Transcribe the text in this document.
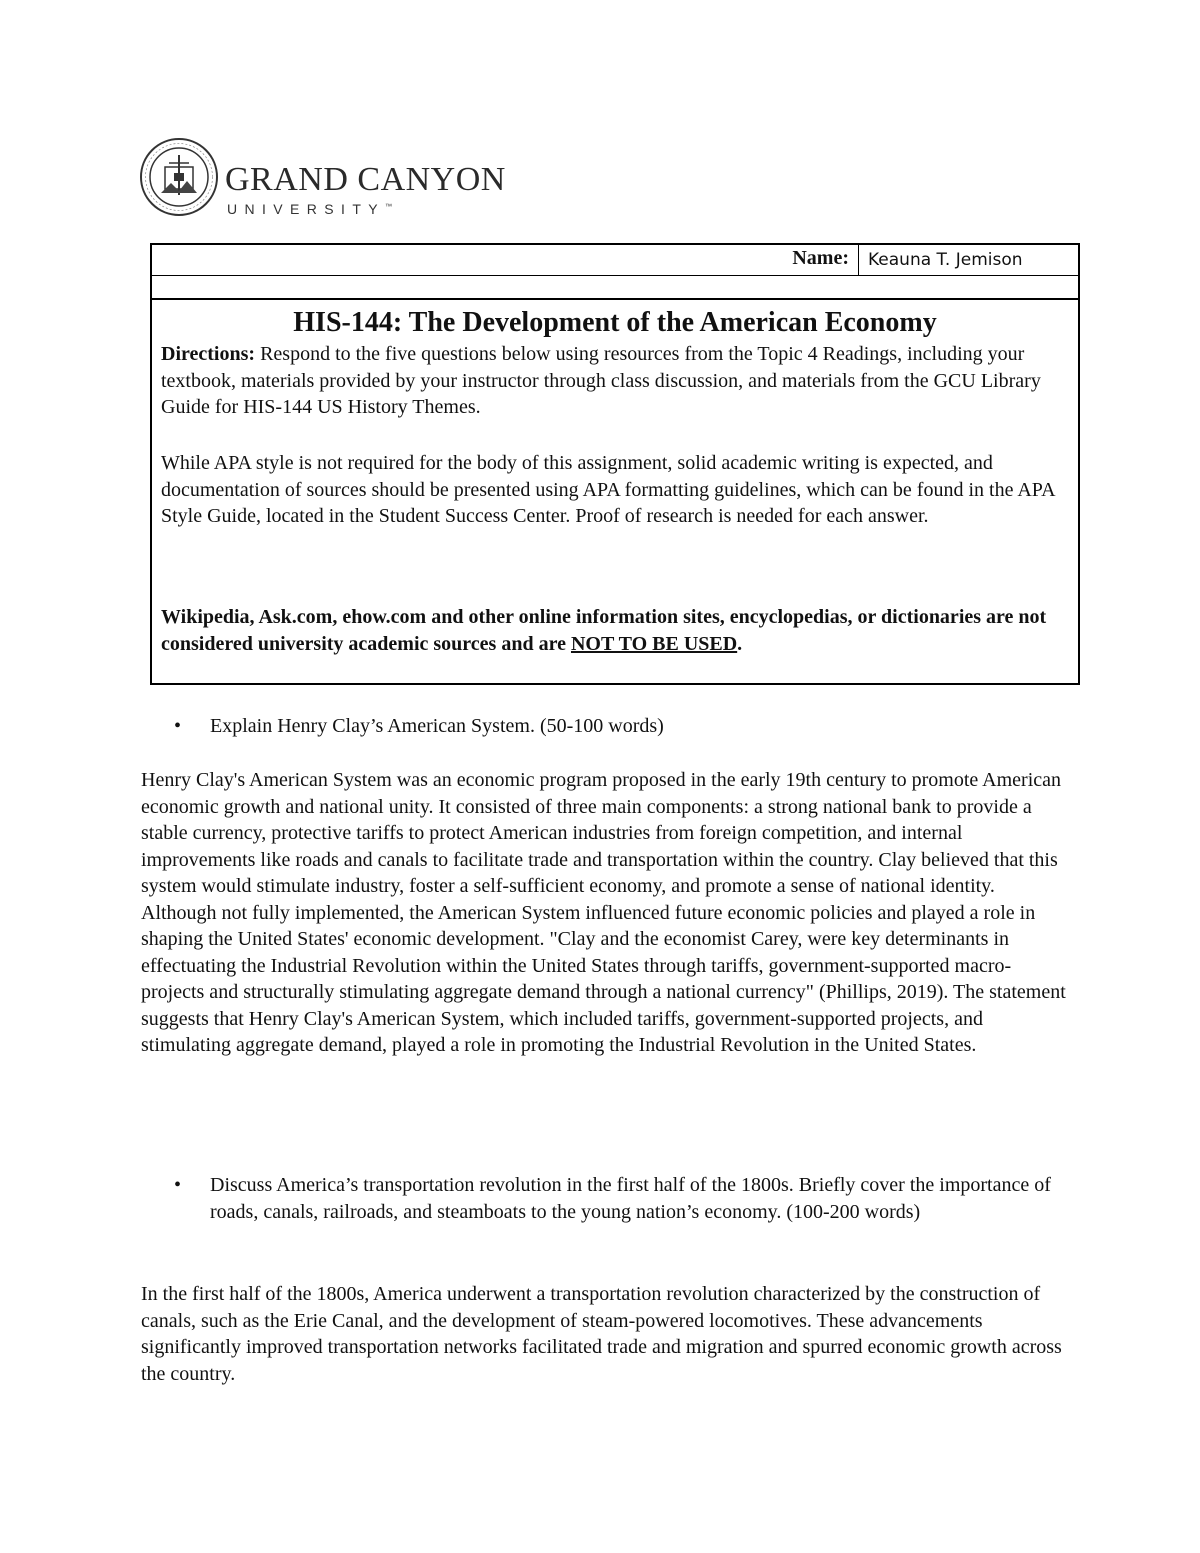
GRAND CANYON
UNIVERSITY™
Name: Keauna T. Jemison
HIS-144: The Development of the American Economy
Directions: Respond to the five questions below using resources from the Topic 4 Readings, including your textbook, materials provided by your instructor through class discussion, and materials from the GCU Library Guide for HIS-144 US History Themes.
While APA style is not required for the body of this assignment, solid academic writing is expected, and documentation of sources should be presented using APA formatting guidelines, which can be found in the APA Style Guide, located in the Student Success Center. Proof of research is needed for each answer.
Wikipedia, Ask.com, ehow.com and other online information sites, encyclopedias, or dictionaries are not considered university academic sources and are NOT TO BE USED.
• Explain Henry Clay’s American System. (50-100 words)
Henry Clay's American System was an economic program proposed in the early 19th century to promote American economic growth and national unity. It consisted of three main components: a strong national bank to provide a stable currency, protective tariffs to protect American industries from foreign competition, and internal improvements like roads and canals to facilitate trade and transportation within the country. Clay believed that this system would stimulate industry, foster a self-sufficient economy, and promote a sense of national identity. Although not fully implemented, the American System influenced future economic policies and played a role in shaping the United States' economic development. "Clay and the economist Carey, were key determinants in effectuating the Industrial Revolution within the United States through tariffs, government-supported macro-projects and structurally stimulating aggregate demand through a national currency" (Phillips, 2019). The statement suggests that Henry Clay's American System, which included tariffs, government-supported projects, and stimulating aggregate demand, played a role in promoting the Industrial Revolution in the United States.
• Discuss America’s transportation revolution in the first half of the 1800s. Briefly cover the importance of roads, canals, railroads, and steamboats to the young nation’s economy. (100-200 words)
In the first half of the 1800s, America underwent a transportation revolution characterized by the construction of canals, such as the Erie Canal, and the development of steam-powered locomotives. These advancements significantly improved transportation networks facilitated trade and migration and spurred economic growth across the country.
